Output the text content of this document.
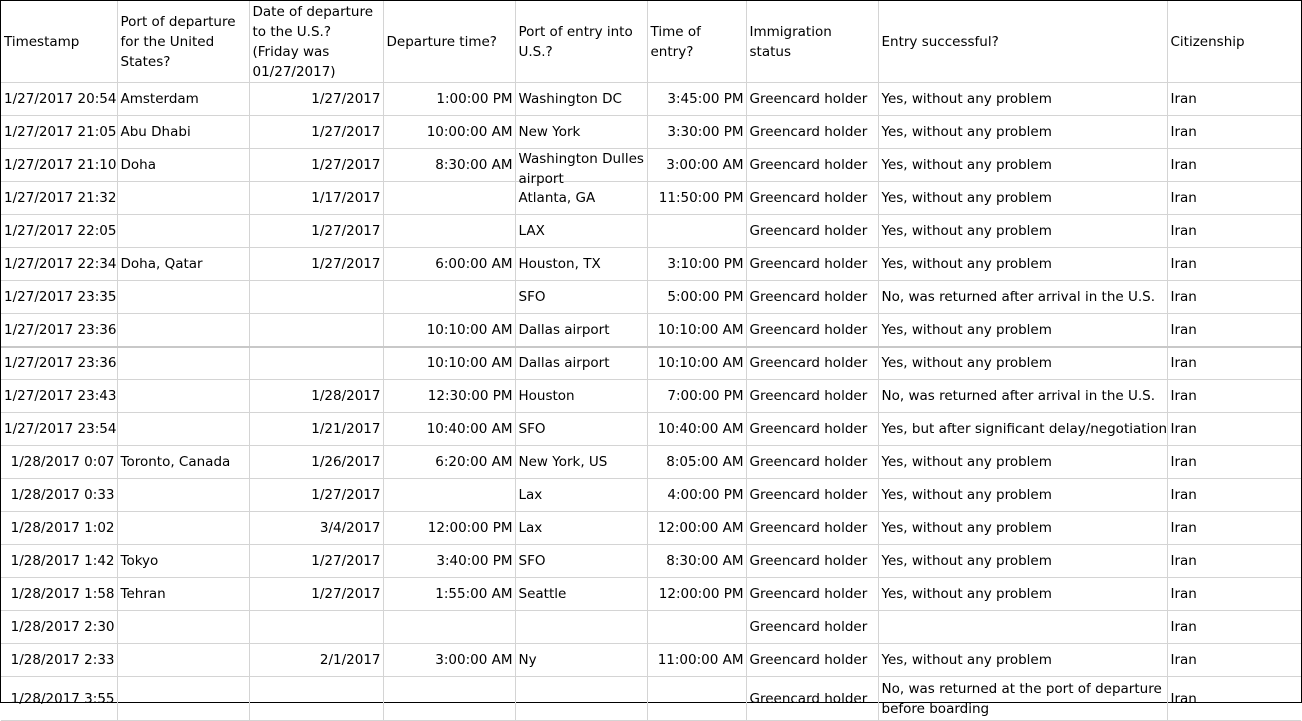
Timestamp	Port of departure for the United States?	Date of departure to the U.S.? (Friday was 01/27/2017)	Departure time?	Port of entry into U.S.?	Time of entry?	Immigration status	Entry successful?	Citizenship
1/27/2017 20:54	Amsterdam	1/27/2017	1:00:00 PM	Washington DC	3:45:00 PM	Greencard holder	Yes, without any problem	Iran
1/27/2017 21:05	Abu Dhabi	1/27/2017	10:00:00 AM	New York	3:30:00 PM	Greencard holder	Yes, without any problem	Iran
1/27/2017 21:10	Doha	1/27/2017	8:30:00 AM	Washington Dulles airport	3:00:00 AM	Greencard holder	Yes, without any problem	Iran
1/27/2017 21:32		1/17/2017		Atlanta, GA	11:50:00 PM	Greencard holder	Yes, without any problem	Iran
1/27/2017 22:05		1/27/2017		LAX		Greencard holder	Yes, without any problem	Iran
1/27/2017 22:34	Doha, Qatar	1/27/2017	6:00:00 AM	Houston, TX	3:10:00 PM	Greencard holder	Yes, without any problem	Iran
1/27/2017 23:35				SFO	5:00:00 PM	Greencard holder	No, was returned after arrival in the U.S.	Iran
1/27/2017 23:36			10:10:00 AM	Dallas airport	10:10:00 AM	Greencard holder	Yes, without any problem	Iran
1/27/2017 23:36			10:10:00 AM	Dallas airport	10:10:00 AM	Greencard holder	Yes, without any problem	Iran
1/27/2017 23:43		1/28/2017	12:30:00 PM	Houston	7:00:00 PM	Greencard holder	No, was returned after arrival in the U.S.	Iran
1/27/2017 23:54		1/21/2017	10:40:00 AM	SFO	10:40:00 AM	Greencard holder	Yes, but after significant delay/negotiation	Iran
1/28/2017 0:07	Toronto, Canada	1/26/2017	6:20:00 AM	New York, US	8:05:00 AM	Greencard holder	Yes, without any problem	Iran
1/28/2017 0:33		1/27/2017		Lax	4:00:00 PM	Greencard holder	Yes, without any problem	Iran
1/28/2017 1:02		3/4/2017	12:00:00 PM	Lax	12:00:00 AM	Greencard holder	Yes, without any problem	Iran
1/28/2017 1:42	Tokyo	1/27/2017	3:40:00 PM	SFO	8:30:00 AM	Greencard holder	Yes, without any problem	Iran
1/28/2017 1:58	Tehran	1/27/2017	1:55:00 AM	Seattle	12:00:00 PM	Greencard holder	Yes, without any problem	Iran
1/28/2017 2:30						Greencard holder		Iran
1/28/2017 2:33		2/1/2017	3:00:00 AM	Ny	11:00:00 AM	Greencard holder	Yes, without any problem	Iran
1/28/2017 3:55						Greencard holder	No, was returned at the port of departure before boarding	Iran
